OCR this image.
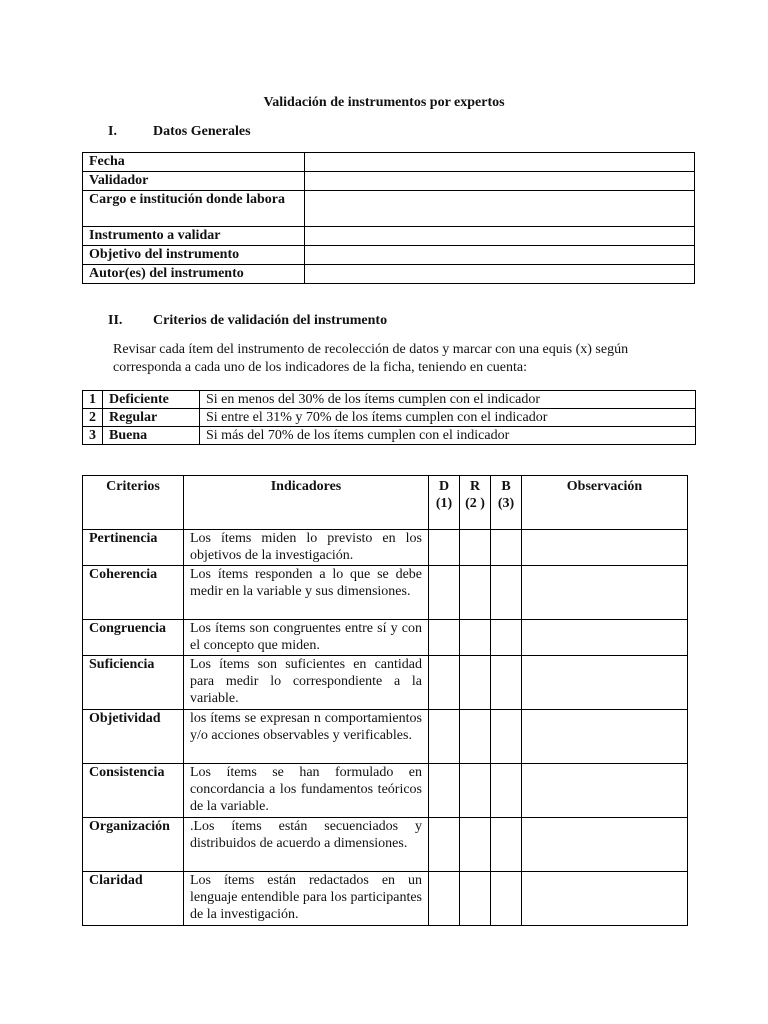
Validación de instrumentos por expertos
I.	Datos Generales
Fecha	
Validador	
Cargo e institución donde labora	
Instrumento a validar	
Objetivo del instrumento	
Autor(es) del instrumento	
II. Criterios de validación del instrumento
Revisar cada ítem del instrumento de recolección de datos y marcar con una equis (x) según corresponda a cada uno de los indicadores de la ficha, teniendo en cuenta:
1	Deficiente	Si en menos del 30% de los ítems cumplen con el indicador
2	Regular	Si entre el 31% y 70% de los ítems cumplen con el indicador
3	Buena	Si más del 70% de los ítems cumplen con el indicador
Criterios	Indicadores	D (1)	R (2 )	B (3)	Observación
Pertinencia	Los ítems miden lo previsto en los objetivos de la investigación.				
Coherencia	Los ítems responden a lo que se debe medir en la variable y sus dimensiones.				
Congruencia	Los ítems son congruentes entre sí y con el concepto que miden.				
Suficiencia	Los ítems son suficientes en cantidad para medir lo correspondiente a la variable.				
Objetividad	los ítems se expresan n comportamientos y/o acciones observables y verificables.				
Consistencia	Los ítems se han formulado en concordancia a los fundamentos teóricos de la variable.				
Organización	.Los ítems están secuenciados y distribuidos de acuerdo a dimensiones.				
Claridad	Los ítems están redactados en un lenguaje entendible para los participantes de la investigación.				
